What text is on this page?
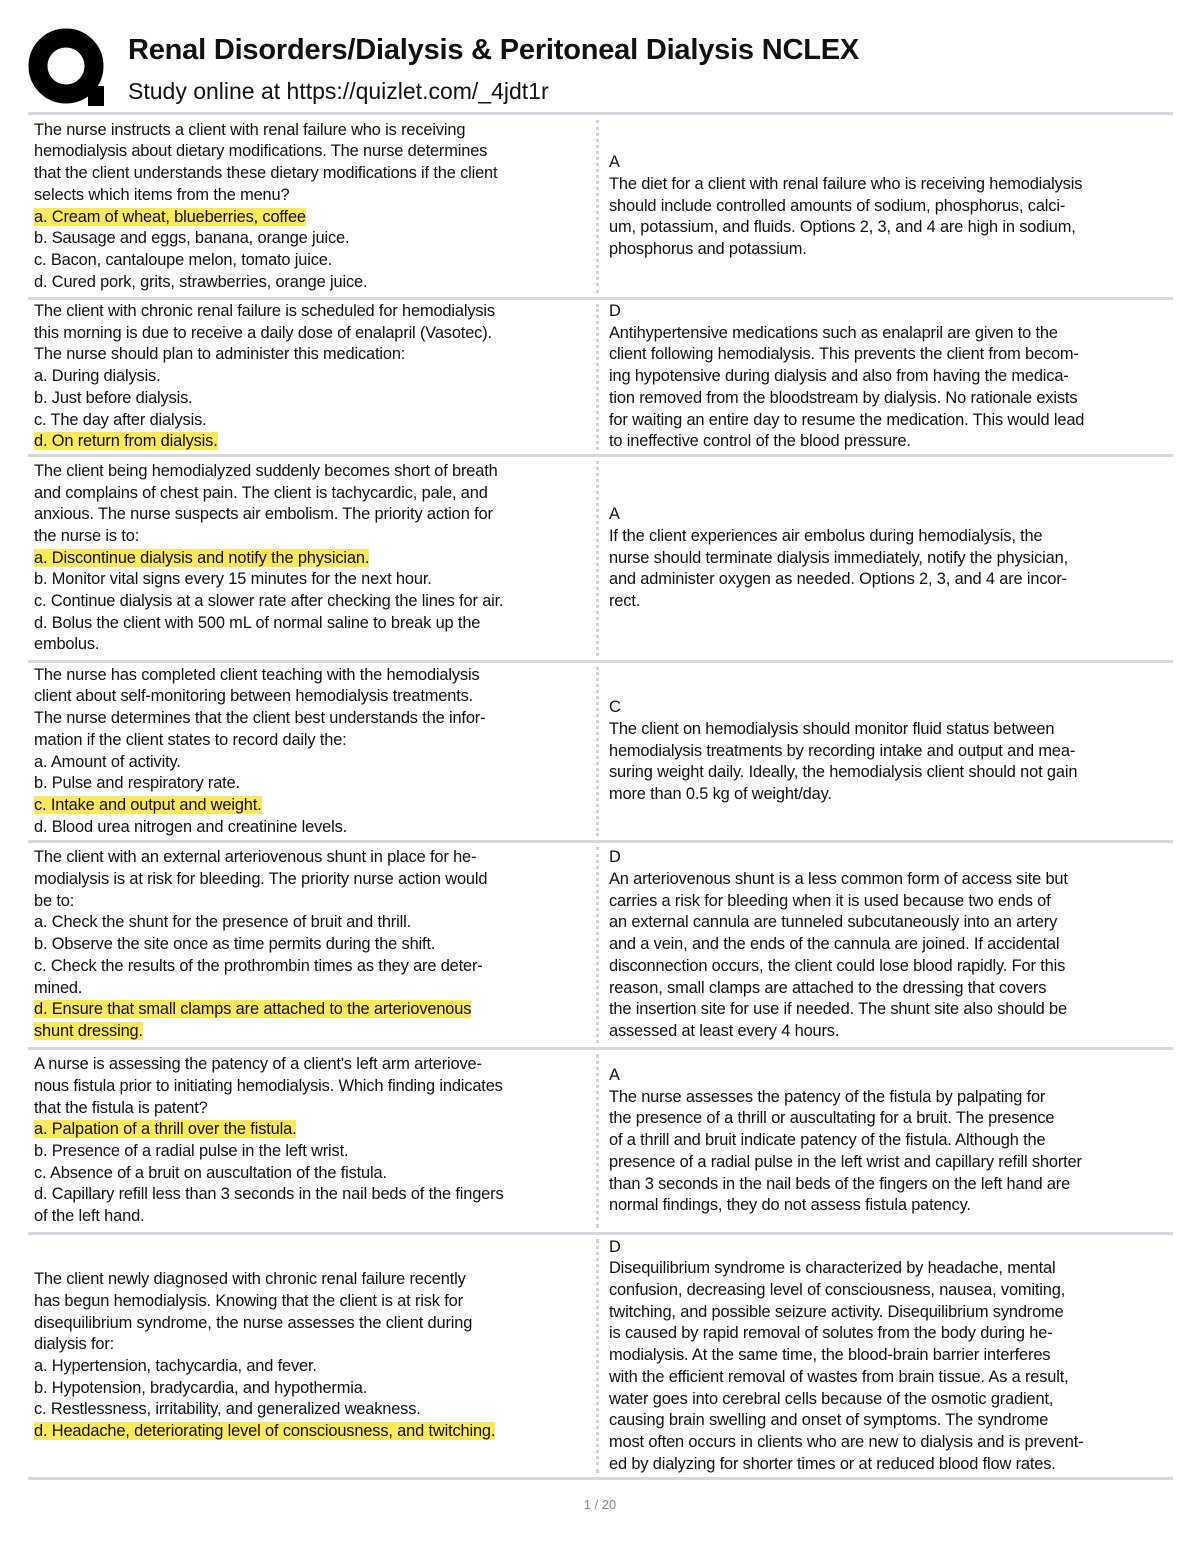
Renal Disorders/Dialysis & Peritoneal Dialysis NCLEX
Study online at https://quizlet.com/_4jdt1r
The nurse instructs a client with renal failure who is receiving
hemodialysis about dietary modifications. The nurse determines
that the client understands these dietary modifications if the client
selects which items from the menu?
a. Cream of wheat, blueberries, coffee
b. Sausage and eggs, banana, orange juice.
c. Bacon, cantaloupe melon, tomato juice.
d. Cured pork, grits, strawberries, orange juice.
A
The diet for a client with renal failure who is receiving hemodialysis
should include controlled amounts of sodium, phosphorus, calci-
um, potassium, and fluids. Options 2, 3, and 4 are high in sodium,
phosphorus and potassium.
The client with chronic renal failure is scheduled for hemodialysis
this morning is due to receive a daily dose of enalapril (Vasotec).
The nurse should plan to administer this medication:
a. During dialysis.
b. Just before dialysis.
c. The day after dialysis.
d. On return from dialysis.
D
Antihypertensive medications such as enalapril are given to the
client following hemodialysis. This prevents the client from becom-
ing hypotensive during dialysis and also from having the medica-
tion removed from the bloodstream by dialysis. No rationale exists
for waiting an entire day to resume the medication. This would lead
to ineffective control of the blood pressure.
The client being hemodialyzed suddenly becomes short of breath
and complains of chest pain. The client is tachycardic, pale, and
anxious. The nurse suspects air embolism. The priority action for
the nurse is to:
a. Discontinue dialysis and notify the physician.
b. Monitor vital signs every 15 minutes for the next hour.
c. Continue dialysis at a slower rate after checking the lines for air.
d. Bolus the client with 500 mL of normal saline to break up the
embolus.
A
If the client experiences air embolus during hemodialysis, the
nurse should terminate dialysis immediately, notify the physician,
and administer oxygen as needed. Options 2, 3, and 4 are incor-
rect.
The nurse has completed client teaching with the hemodialysis
client about self-monitoring between hemodialysis treatments.
The nurse determines that the client best understands the infor-
mation if the client states to record daily the:
a. Amount of activity.
b. Pulse and respiratory rate.
c. Intake and output and weight.
d. Blood urea nitrogen and creatinine levels.
C
The client on hemodialysis should monitor fluid status between
hemodialysis treatments by recording intake and output and mea-
suring weight daily. Ideally, the hemodialysis client should not gain
more than 0.5 kg of weight/day.
The client with an external arteriovenous shunt in place for he-
modialysis is at risk for bleeding. The priority nurse action would
be to:
a. Check the shunt for the presence of bruit and thrill.
b. Observe the site once as time permits during the shift.
c. Check the results of the prothrombin times as they are deter-
mined.
d. Ensure that small clamps are attached to the arteriovenous
shunt dressing.
D
An arteriovenous shunt is a less common form of access site but
carries a risk for bleeding when it is used because two ends of
an external cannula are tunneled subcutaneously into an artery
and a vein, and the ends of the cannula are joined. If accidental
disconnection occurs, the client could lose blood rapidly. For this
reason, small clamps are attached to the dressing that covers
the insertion site for use if needed. The shunt site also should be
assessed at least every 4 hours.
A nurse is assessing the patency of a client's left arm arteriove-
nous fistula prior to initiating hemodialysis. Which finding indicates
that the fistula is patent?
a. Palpation of a thrill over the fistula.
b. Presence of a radial pulse in the left wrist.
c. Absence of a bruit on auscultation of the fistula.
d. Capillary refill less than 3 seconds in the nail beds of the fingers
of the left hand.
A
The nurse assesses the patency of the fistula by palpating for
the presence of a thrill or auscultating for a bruit. The presence
of a thrill and bruit indicate patency of the fistula. Although the
presence of a radial pulse in the left wrist and capillary refill shorter
than 3 seconds in the nail beds of the fingers on the left hand are
normal findings, they do not assess fistula patency.
The client newly diagnosed with chronic renal failure recently
has begun hemodialysis. Knowing that the client is at risk for
disequilibrium syndrome, the nurse assesses the client during
dialysis for:
a. Hypertension, tachycardia, and fever.
b. Hypotension, bradycardia, and hypothermia.
c. Restlessness, irritability, and generalized weakness.
d. Headache, deteriorating level of consciousness, and twitching.
D
Disequilibrium syndrome is characterized by headache, mental
confusion, decreasing level of consciousness, nausea, vomiting,
twitching, and possible seizure activity. Disequilibrium syndrome
is caused by rapid removal of solutes from the body during he-
modialysis. At the same time, the blood-brain barrier interferes
with the efficient removal of wastes from brain tissue. As a result,
water goes into cerebral cells because of the osmotic gradient,
causing brain swelling and onset of symptoms. The syndrome
most often occurs in clients who are new to dialysis and is prevent-
ed by dialyzing for shorter times or at reduced blood flow rates.
1 / 20
